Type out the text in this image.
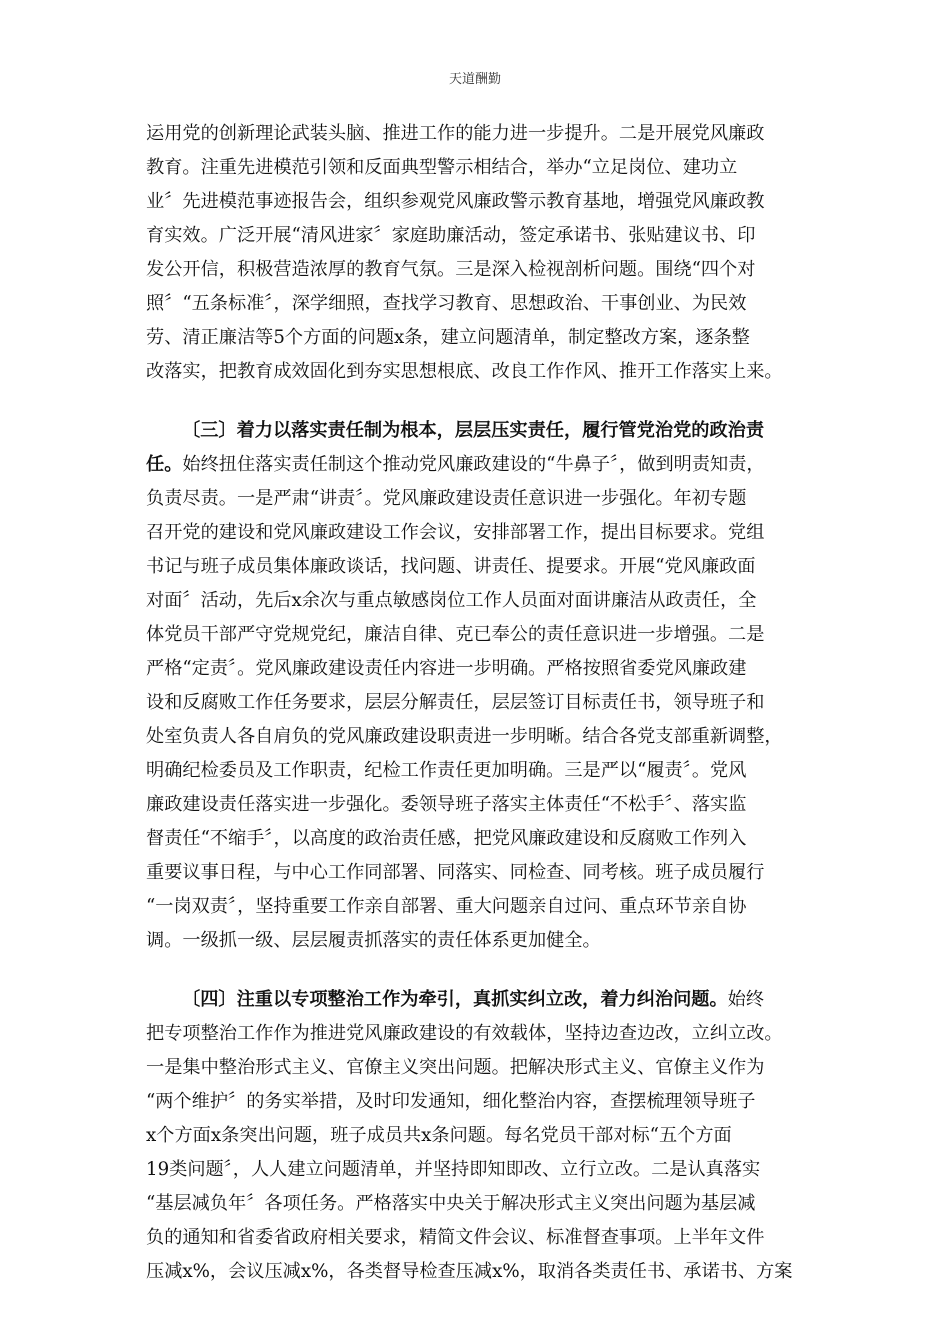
天道酬勤
运用党的创新理论武装头脑、推进工作的能力进一步提升。二是开展党风廉政
教育。注重先进模范引领和反面典型警示相结合，举办“立足岗位、建功立
业〞先进模范事迹报告会，组织参观党风廉政警示教育基地，增强党风廉政教
育实效。广泛开展“清风进家〞家庭助廉活动，签定承诺书、张贴建议书、印
发公开信，积极营造浓厚的教育气氛。三是深入检视剖析问题。围绕“四个对
照〞“五条标准〞，深学细照，查找学习教育、思想政治、干事创业、为民效
劳、清正廉洁等5个方面的问题x条，建立问题清单，制定整改方案，逐条整
改落实，把教育成效固化到夯实思想根底、改良工作作风、推开工作落实上来。
〔三〕着力以落实责任制为根本，层层压实责任，履行管党治党的政治责
任。始终扭住落实责任制这个推动党风廉政建设的“牛鼻子〞，做到明责知责，
负责尽责。一是严肃“讲责〞。党风廉政建设责任意识进一步强化。年初专题
召开党的建设和党风廉政建设工作会议，安排部署工作，提出目标要求。党组
书记与班子成员集体廉政谈话，找问题、讲责任、提要求。开展“党风廉政面
对面〞活动，先后x余次与重点敏感岗位工作人员面对面讲廉洁从政责任，全
体党员干部严守党规党纪，廉洁自律、克已奉公的责任意识进一步增强。二是
严格“定责〞。党风廉政建设责任内容进一步明确。严格按照省委党风廉政建
设和反腐败工作任务要求，层层分解责任，层层签订目标责任书，领导班子和
处室负责人各自肩负的党风廉政建设职责进一步明晰。结合各党支部重新调整，
明确纪检委员及工作职责，纪检工作责任更加明确。三是严以“履责〞。党风
廉政建设责任落实进一步强化。委领导班子落实主体责任“不松手〞、落实监
督责任“不缩手〞，以高度的政治责任感，把党风廉政建设和反腐败工作列入
重要议事日程，与中心工作同部署、同落实、同检查、同考核。班子成员履行
“一岗双责〞，坚持重要工作亲自部署、重大问题亲自过问、重点环节亲自协
调。一级抓一级、层层履责抓落实的责任体系更加健全。
〔四〕注重以专项整治工作为牵引，真抓实纠立改，着力纠治问题。始终
把专项整治工作作为推进党风廉政建设的有效载体，坚持边查边改，立纠立改。
一是集中整治形式主义、官僚主义突出问题。把解决形式主义、官僚主义作为
“两个维护〞的务实举措，及时印发通知，细化整治内容，查摆梳理领导班子
x个方面x条突出问题，班子成员共x条问题。每名党员干部对标“五个方面
19类问题〞，人人建立问题清单，并坚持即知即改、立行立改。二是认真落实
“基层减负年〞各项任务。严格落实中央关于解决形式主义突出问题为基层减
负的通知和省委省政府相关要求，精简文件会议、标准督查事项。上半年文件
压减x%，会议压减x%，各类督导检查压减x%，取消各类责任书、承诺书、方案
